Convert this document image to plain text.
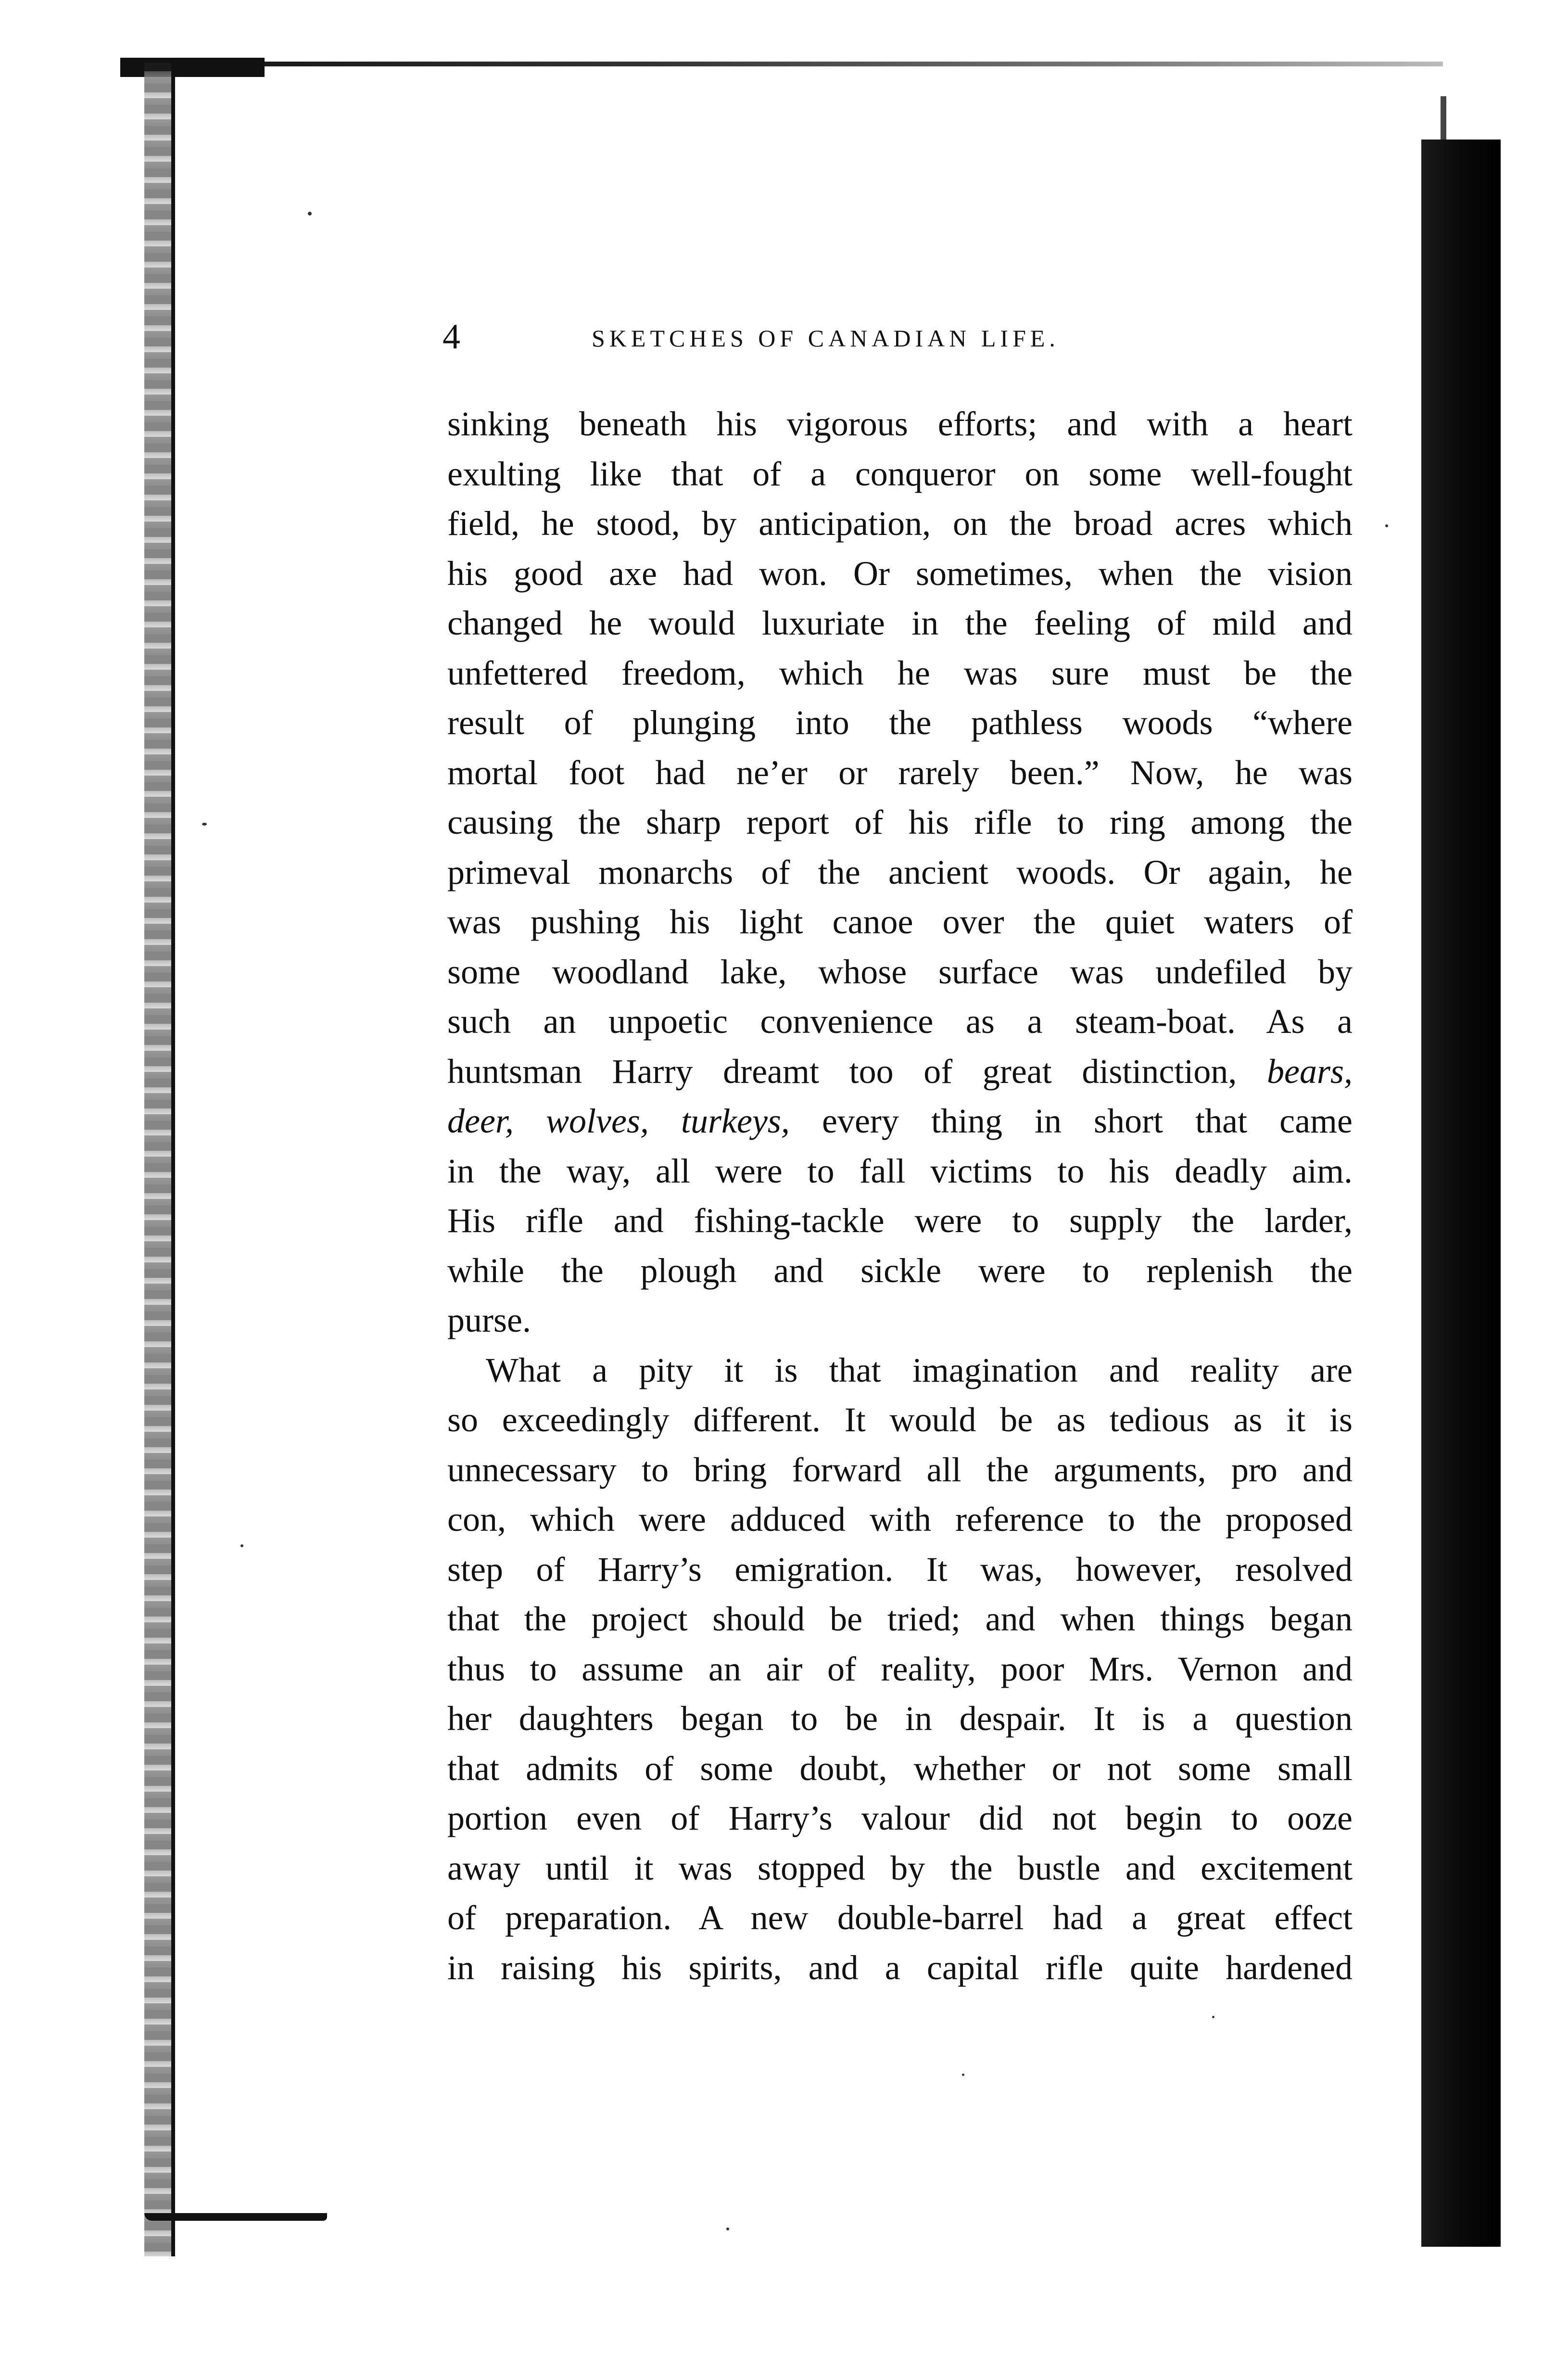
4	SKETCHES OF CANADIAN LIFE.

sinking beneath his vigorous efforts; and with a heart
exulting like that of a conqueror on some well-fought
field, he stood, by anticipation, on the broad acres which
his good axe had won. Or sometimes, when the vision
changed he would luxuriate in the feeling of mild and
unfettered freedom, which he was sure must be the
result of plunging into the pathless woods “where
mortal foot had ne’er or rarely been.” Now, he was
causing the sharp report of his rifle to ring among the
primeval monarchs of the ancient woods. Or again, he
was pushing his light canoe over the quiet waters of
some woodland lake, whose surface was undefiled by
such an unpoetic convenience as a steam-boat. As a
huntsman Harry dreamt too of great distinction, bears,
deer, wolves, turkeys, every thing in short that came
in the way, all were to fall victims to his deadly aim.
His rifle and fishing-tackle were to supply the larder,
while the plough and sickle were to replenish the
purse.

What a pity it is that imagination and reality are
so exceedingly different. It would be as tedious as it is
unnecessary to bring forward all the arguments, pro and
con, which were adduced with reference to the proposed
step of Harry’s emigration. It was, however, resolved
that the project should be tried; and when things began
thus to assume an air of reality, poor Mrs. Vernon and
her daughters began to be in despair. It is a question
that admits of some doubt, whether or not some small
portion even of Harry’s valour did not begin to ooze
away until it was stopped by the bustle and excitement
of preparation. A new double-barrel had a great effect
in raising his spirits, and a capital rifle quite hardened
